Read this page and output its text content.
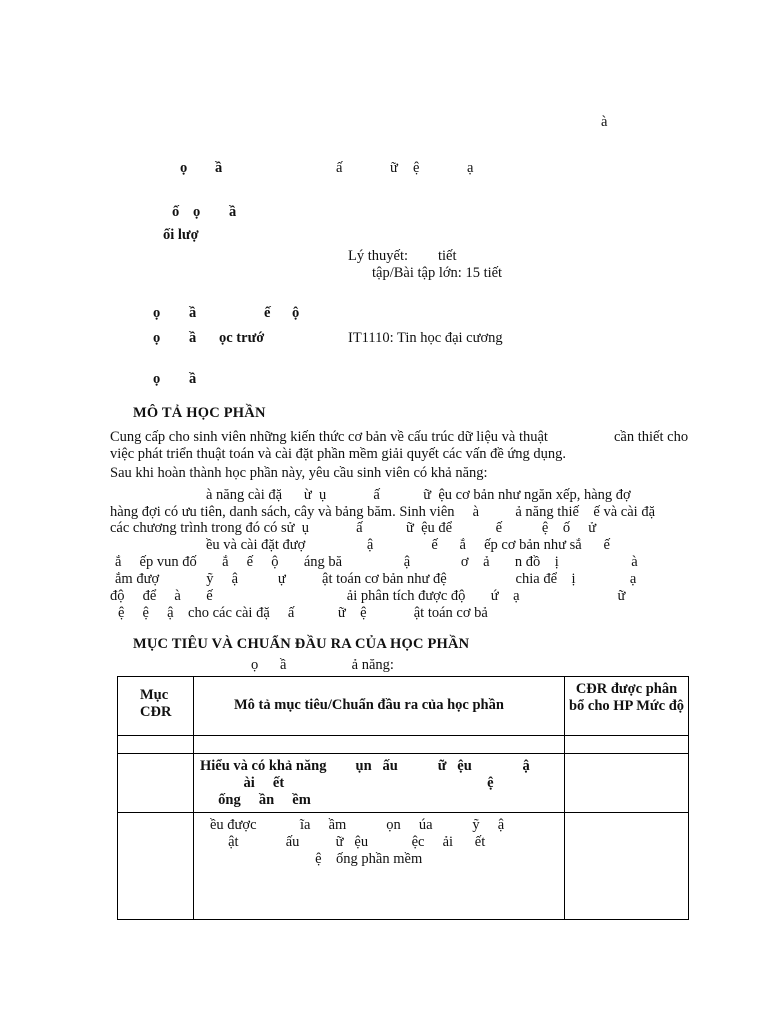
à
ọ ầ	ấ	ữ ệ	ạ
ố ọ ầ
ối lượ
Lý thuyết: tiết
tập/Bài tập lớn: 15 tiết
ọ ầ	ế ộ
ọ ầ ọc trướ	IT1110: Tin học đại cương
ọ ầ
MÔ TẢ HỌC PHẦN
Cung cấp cho sinh viên những kiến thức cơ bản về cấu trúc dữ liệu và thuật	cần thiết cho
việc phát triển thuật toán và cài đặt phần mềm giải quyết các vấn đề ứng dụng.
Sau khi hoàn thành học phần này, yêu cầu sinh viên có khả năng:
à năng cài đặ      ừ  ụ             ấ            ữ  ệu cơ bản như ngăn xếp, hàng đợ
hàng đợi có ưu tiên, danh sách, cây và bảng băm. Sinh viên     à          ả năng thiế    ế và cài đặ
các chương trình trong đó có sử  ụ             ấ            ữ  ệu để            ế           ệ    ố     ử
ều và cài đặt đượ                 ậ                ế      ắ     ếp cơ bản như sắ      ế
ắ     ếp vun đố       ắ     ế     ộ       áng bă                 ậ              ơ    ả       n đồ    ị                    à
ắm đượ             ỹ     ậ           ự          ật toán cơ bản như đệ                   chia để    ị               ạ
độ     để     à       ế                                     ải phân tích được độ       ứ    ạ                           ữ
ệ     ệ     ậ    cho các cài đặ     ấ            ữ    ệ             ật toán cơ bả
MỤC TIÊU VÀ CHUẨN ĐẦU RA CỦA HỌC PHẦN
ọ      ầ                  ả năng:
Mục CĐR	Mô tả mục tiêu/Chuẩn đầu ra của học phần	CĐR được phân bổ cho HP Mức độ

	Hiểu và có khả năng        ụn   ấu           ữ   ệu              ậ
ài     ết                                                        ệ
ống     ần     ềm	

	ều được            ĩa     ầm           ọn     úa           ỹ     ậ
ật             ấu          ữ   ệu            ệc     ải      ết
ệ    ống phần mềm	
